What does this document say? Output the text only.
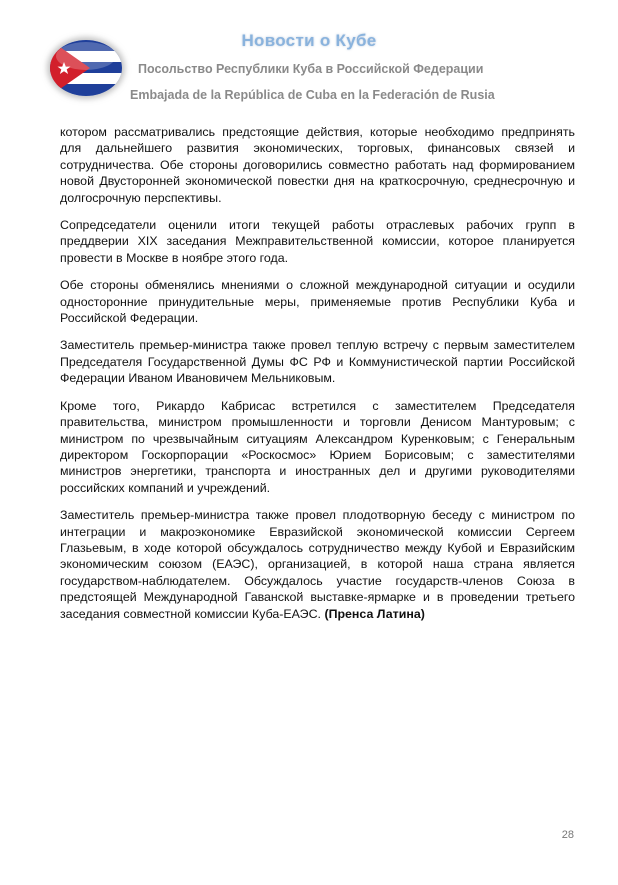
Новости о Кубе
Посольство Республики Куба в Российской Федерации
Embajada de la República de Cuba en la Federación de Rusia

котором рассматривались предстоящие действия, которые необходимо предпринять для дальнейшего развития экономических, торговых, финансовых связей и сотрудничества. Обе стороны договорились совместно работать над формированием новой Двусторонней экономической повестки дня на краткосрочную, среднесрочную и долгосрочную перспективы.

Сопредседатели оценили итоги текущей работы отраслевых рабочих групп в преддверии XIX заседания Межправительственной комиссии, которое планируется провести в Москве в ноябре этого года.

Обе стороны обменялись мнениями о сложной международной ситуации и осудили односторонние принудительные меры, применяемые против Республики Куба и Российской Федерации.

Заместитель премьер-министра также провел теплую встречу с первым заместителем Председателя Государственной Думы ФС РФ и Коммунистической партии Российской Федерации Иваном Ивановичем Мельниковым.

Кроме того, Рикардо Кабрисас встретился с заместителем Председателя правительства, министром промышленности и торговли Денисом Мантуровым; с министром по чрезвычайным ситуациям Александром Куренковым; с Генеральным директором Госкорпорации «Роскосмос» Юрием Борисовым; с заместителями министров энергетики, транспорта и иностранных дел и другими руководителями российских компаний и учреждений.

Заместитель премьер-министра также провел плодотворную беседу с министром по интеграции и макроэкономике Евразийской экономической комиссии Сергеем Глазьевым, в ходе которой обсуждалось сотрудничество между Кубой и Евразийским экономическим союзом (ЕАЭС), организацией, в которой наша страна является государством-наблюдателем. Обсуждалось участие государств-членов Союза в предстоящей Международной Гаванской выставке-ярмарке и в проведении третьего заседания совместной комиссии Куба-ЕАЭС. (Пренса Латина)

28
